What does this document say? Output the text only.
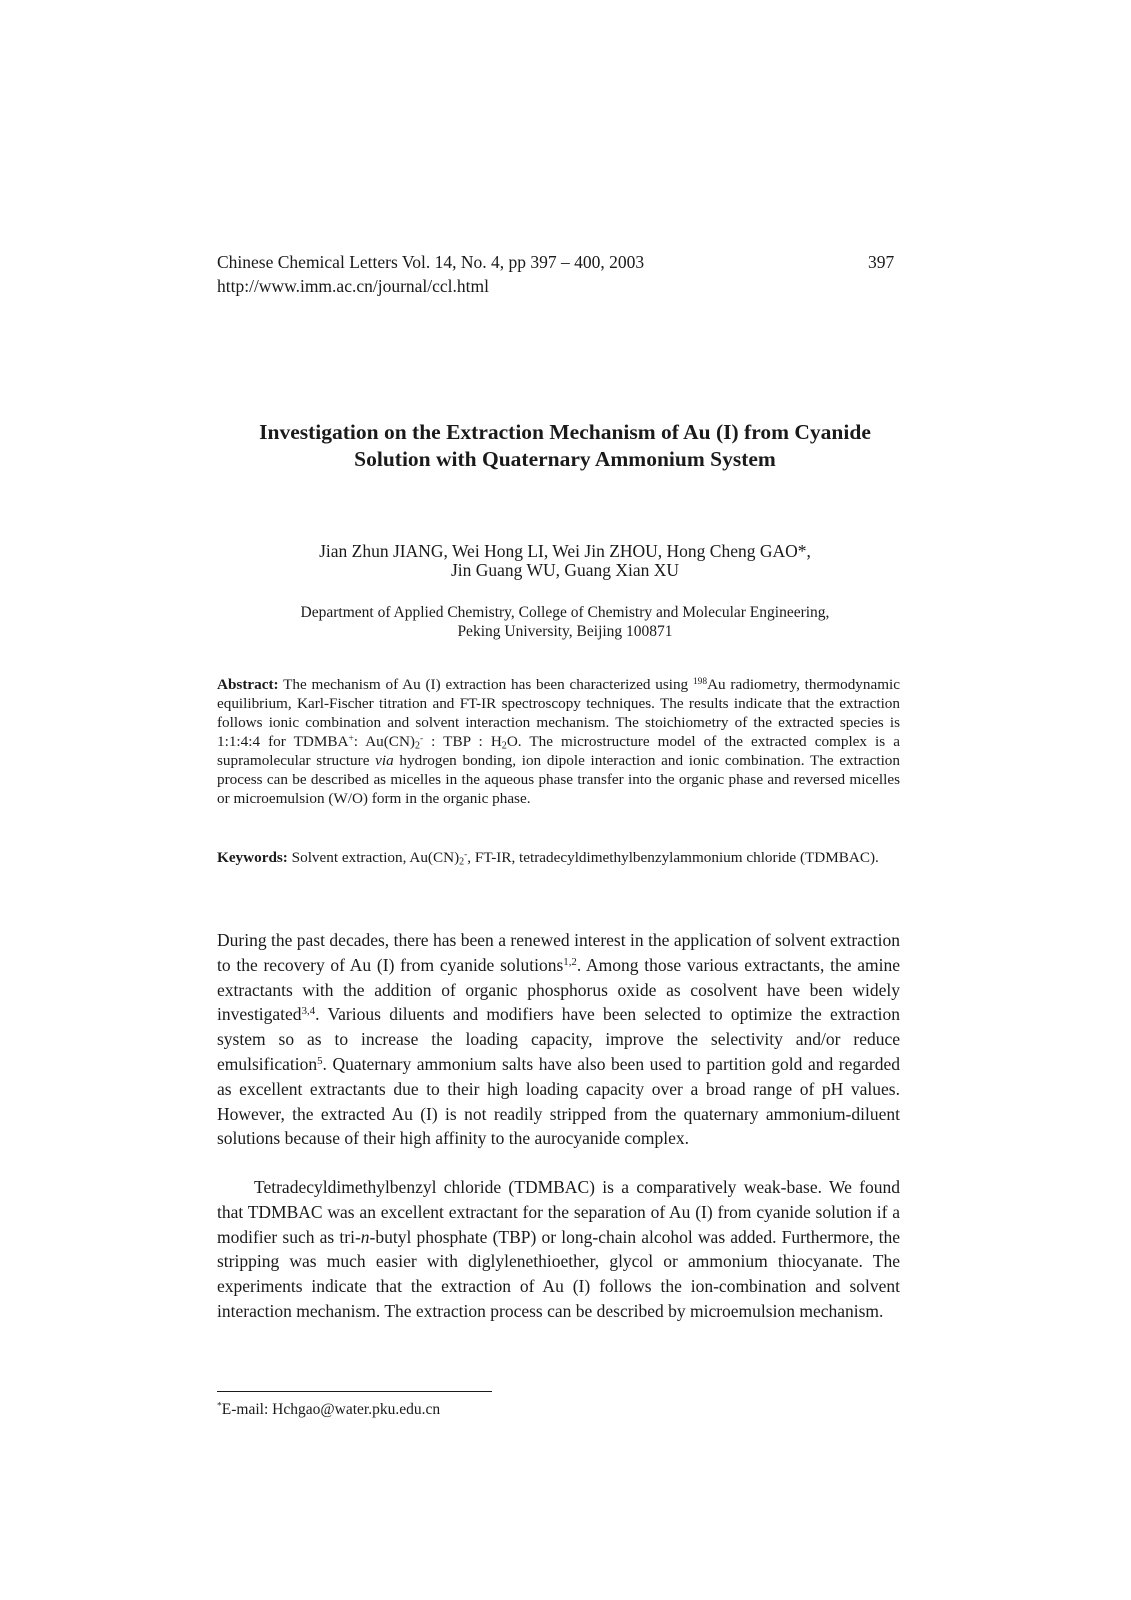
Chinese Chemical Letters Vol. 14, No. 4, pp 397 – 400, 2003	397
http://www.imm.ac.cn/journal/ccl.html
Investigation on the Extraction Mechanism of Au (I) from Cyanide
Solution with Quaternary Ammonium System
Jian Zhun JIANG, Wei Hong LI, Wei Jin ZHOU, Hong Cheng GAO*,
Jin Guang WU, Guang Xian XU
Department of Applied Chemistry, College of Chemistry and Molecular Engineering,
Peking University, Beijing 100871
Abstract: The mechanism of Au (I) extraction has been characterized using $^{198}$Au radiometry, thermodynamic equilibrium, Karl-Fischer titration and FT-IR spectroscopy techniques. The results indicate that the extraction follows ionic combination and solvent interaction mechanism. The stoichiometry of the extracted species is 1:1:4:4 for TDMBA+: $Au(CN)_2^-$ : TBP : $H_2O$. The microstructure model of the extracted complex is a supramolecular structure via hydrogen bonding, ion dipole interaction and ionic combination. The extraction process can be described as micelles in the aqueous phase transfer into the organic phase and reversed micelles or microemulsion (W/O) form in the organic phase.
Keywords: Solvent extraction, $Au(CN)_2^-$, FT-IR, tetradecyldimethylbenzylammonium chloride (TDMBAC).
During the past decades, there has been a renewed interest in the application of solvent extraction to the recovery of Au (I) from cyanide solutions$^{1,2}$. Among those various extractants, the amine extractants with the addition of organic phosphorus oxide as cosolvent have been widely investigated$^{3,4}$. Various diluents and modifiers have been selected to optimize the extraction system so as to increase the loading capacity, improve the selectivity and/or reduce emulsification$^5$. Quaternary ammonium salts have also been used to partition gold and regarded as excellent extractants due to their high loading capacity over a broad range of pH values. However, the extracted Au (I) is not readily stripped from the quaternary ammonium-diluent solutions because of their high affinity to the aurocyanide complex.
Tetradecyldimethylbenzyl chloride (TDMBAC) is a comparatively weak-base. We found that TDMBAC was an excellent extractant for the separation of Au (I) from cyanide solution if a modifier such as tri-n-butyl phosphate (TBP) or long-chain alcohol was added. Furthermore, the stripping was much easier with diglylenethioether, glycol or ammonium thiocyanate. The experiments indicate that the extraction of Au (I) follows the ion-combination and solvent interaction mechanism. The extraction process can be described by microemulsion mechanism.
*E-mail: Hchgao@water.pku.edu.cn
